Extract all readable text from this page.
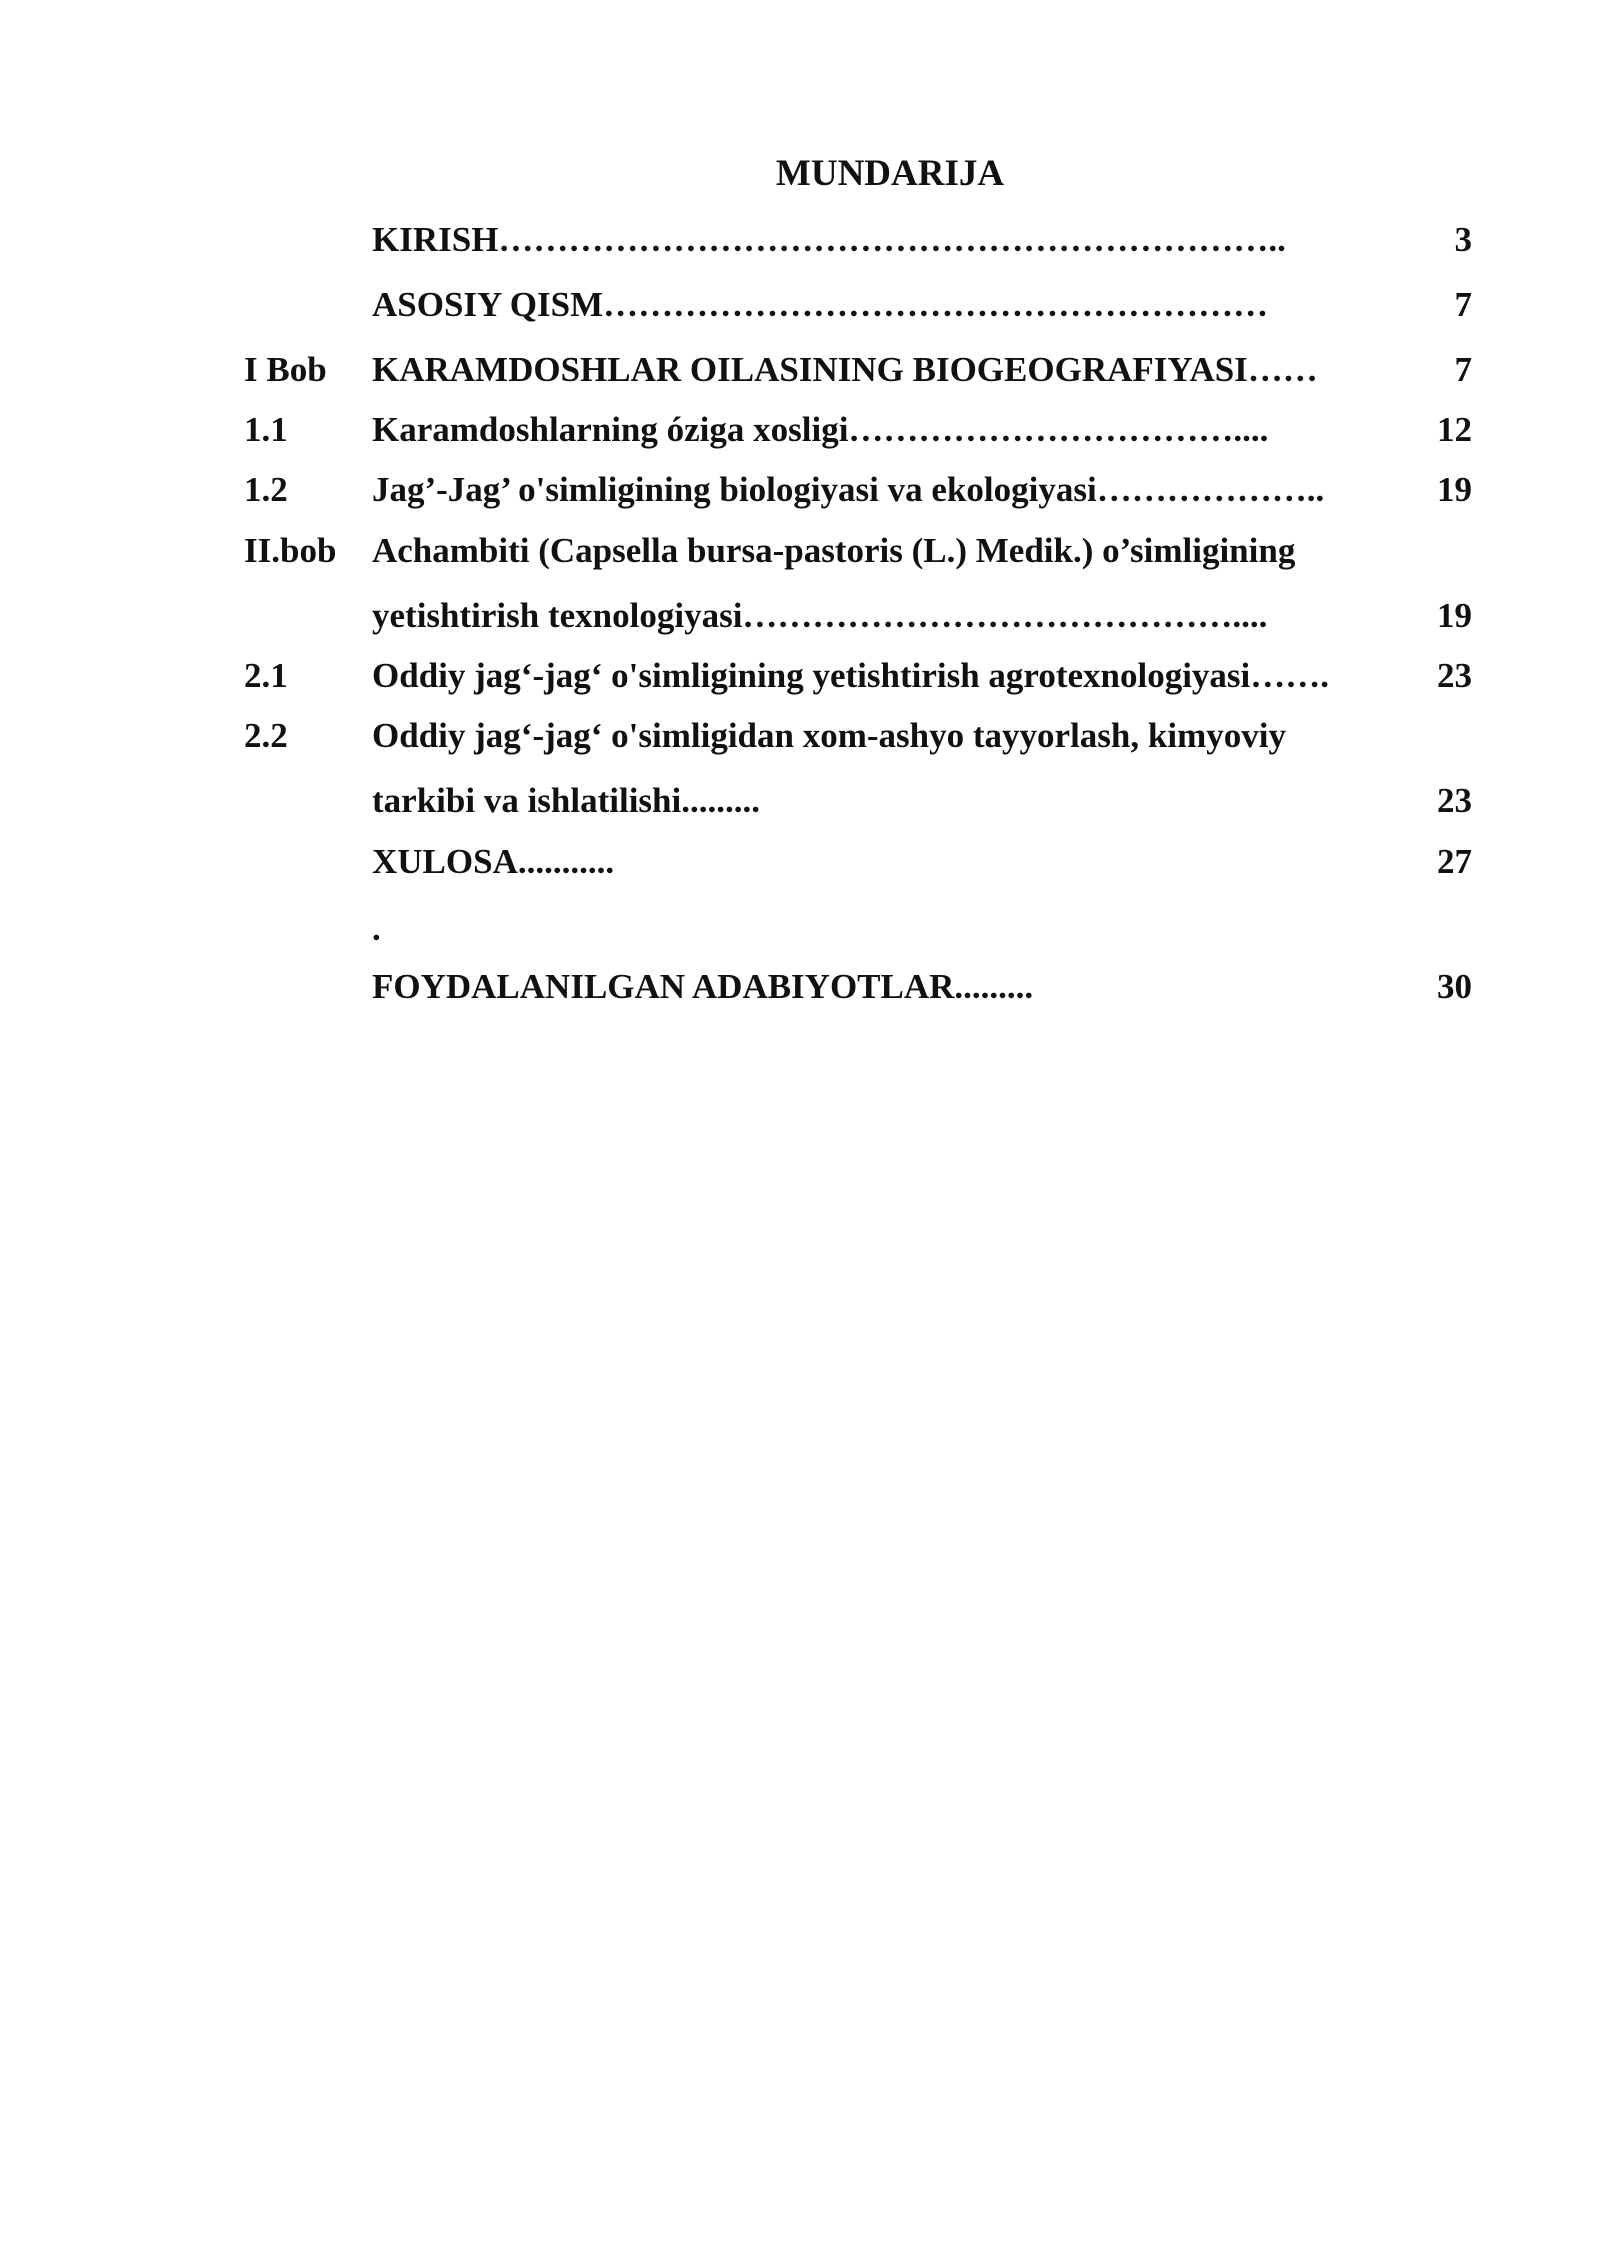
MUNDARIJA
KIRISH…………………………………………………………..	3
ASOSIY QISM…………………………………………………	7
I Bob KARAMDOSHLAR OILASINING BIOGEOGRAFIYASI……	7
1.1 Karamdoshlarning óziga xosligi……………………………....	12
1.2 Jag’-Jag’ o'simligining biologiyasi va ekologiyasi………………..	19
II.bob Achambiti (Capsella bursa-pastoris (L.) Medik.) o’simligining
yetishtirish texnologiyasi……………………………………....	19
2.1 Oddiy jag‘-jag‘ o'simligining yetishtirish agrotexnologiyasi…….	23
2.2 Oddiy jag‘-jag‘ o'simligidan xom-ashyo tayyorlash, kimyoviy
tarkibi va ishlatilishi.........	23
XULOSA...........	27
.
FOYDALANILGAN ADABIYOTLAR.........	30
